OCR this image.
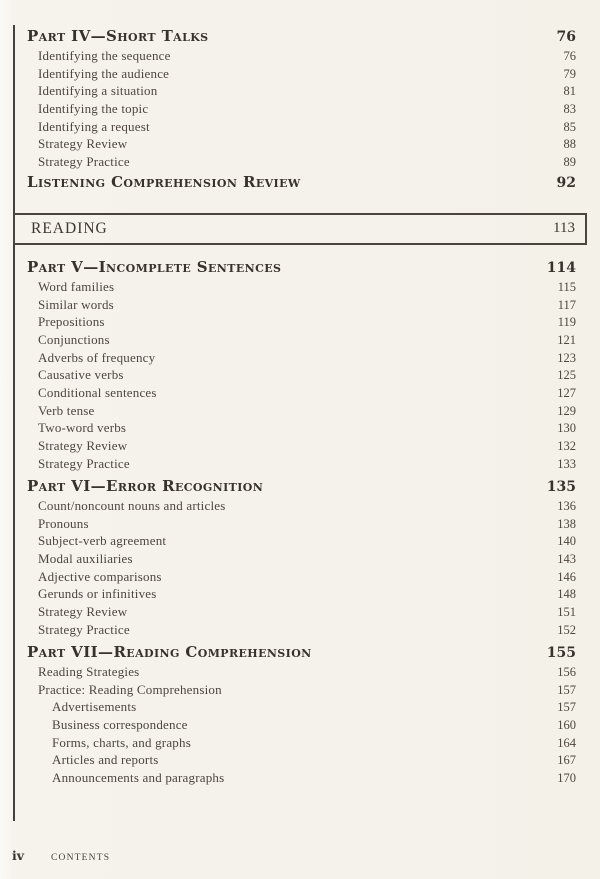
Part IV—Short Talks	76
Identifying the sequence	76
Identifying the audience	79
Identifying a situation	81
Identifying the topic	83
Identifying a request	85
Strategy Review	88
Strategy Practice	89
Listening Comprehension Review	92
READING	113
Part V—Incomplete Sentences	114
Word families	115
Similar words	117
Prepositions	119
Conjunctions	121
Adverbs of frequency	123
Causative verbs	125
Conditional sentences	127
Verb tense	129
Two-word verbs	130
Strategy Review	132
Strategy Practice	133
Part VI—Error Recognition	135
Count/noncount nouns and articles	136
Pronouns	138
Subject-verb agreement	140
Modal auxiliaries	143
Adjective comparisons	146
Gerunds or infinitives	148
Strategy Review	151
Strategy Practice	152
Part VII—Reading Comprehension	155
Reading Strategies	156
Practice: Reading Comprehension	157
Advertisements	157
Business correspondence	160
Forms, charts, and graphs	164
Articles and reports	167
Announcements and paragraphs	170
iv	CONTENTS
